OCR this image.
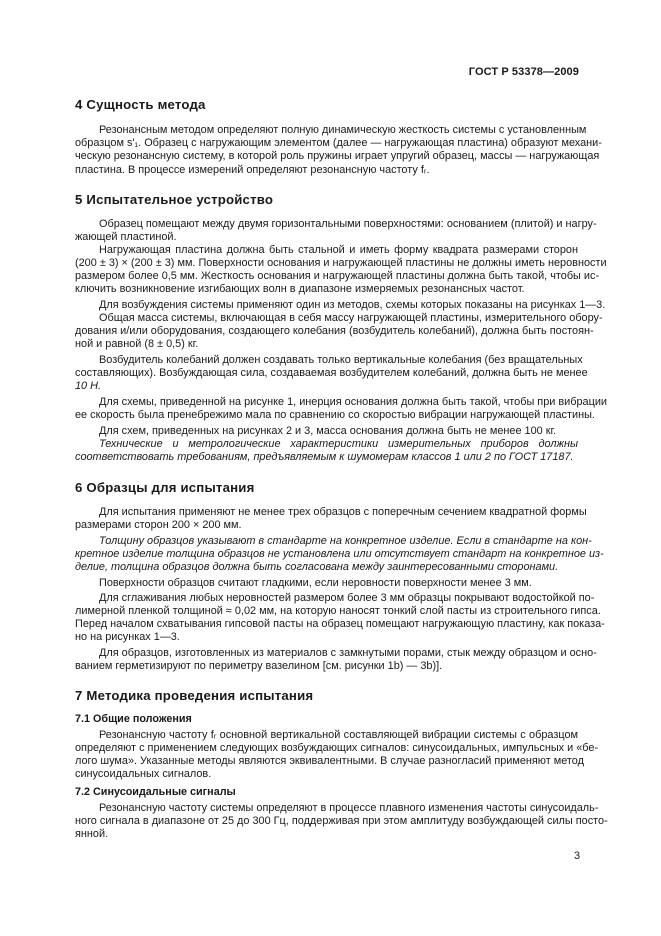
ГОСТ Р 53378—2009
4 Сущность метода
Резонансным методом определяют полную динамическую жесткость системы с установленным
образцом s'₁. Образец с нагружающим элементом (далее — нагружающая пластина) образуют механи-
ческую резонансную систему, в которой роль пружины играет упругий образец, массы — нагружающая
пластина. В процессе измерений определяют резонансную частоту fᵣ.
5 Испытательное устройство
Образец помещают между двумя горизонтальными поверхностями: основанием (плитой) и нагру-
жающей пластиной.
Нагружающая пластина должна быть стальной и иметь форму квадрата размерами сторон
(200 ± 3) × (200 ± 3) мм. Поверхности основания и нагружающей пластины не должны иметь неровности
размером более 0,5 мм. Жесткость основания и нагружающей пластины должна быть такой, чтобы ис-
ключить возникновение изгибающих волн в диапазоне измеряемых резонансных частот.
Для возбуждения системы применяют один из методов, схемы которых показаны на рисунках 1—3.
Общая масса системы, включающая в себя массу нагружающей пластины, измерительного обору-
дования и/или оборудования, создающего колебания (возбудитель колебаний), должна быть постоян-
ной и равной (8 ± 0,5) кг.
Возбудитель колебаний должен создавать только вертикальные колебания (без вращательных
составляющих). Возбуждающая сила, создаваемая возбудителем колебаний, должна быть не менее
10 Н.
Для схемы, приведенной на рисунке 1, инерция основания должна быть такой, чтобы при вибрации
ее скорость была пренебрежимо мала по сравнению со скоростью вибрации нагружающей пластины.
Для схем, приведенных на рисунках 2 и 3, масса основания должна быть не менее 100 кг.
Технические и метрологические характеристики измерительных приборов должны
соответствовать требованиям, предъявляемым к шумомерам классов 1 или 2 по ГОСТ 17187.
6 Образцы для испытания
Для испытания применяют не менее трех образцов с поперечным сечением квадратной формы
размерами сторон 200 × 200 мм.
Толщину образцов указывают в стандарте на конкретное изделие. Если в стандарте на кон-
кретное изделие толщина образцов не установлена или отсутствует стандарт на конкретное из-
делие, толщина образцов должна быть согласована между заинтересованными сторонами.
Поверхности образцов считают гладкими, если неровности поверхности менее 3 мм.
Для сглаживания любых неровностей размером более 3 мм образцы покрывают водостойкой по-
лимерной пленкой толщиной ≈ 0,02 мм, на которую наносят тонкий слой пасты из строительного гипса.
Перед началом схватывания гипсовой пасты на образец помещают нагружающую пластину, как показа-
но на рисунках 1—3.
Для образцов, изготовленных из материалов с замкнутыми порами, стык между образцом и осно-
ванием герметизируют по периметру вазелином [см. рисунки 1b) — 3b)].
7 Методика проведения испытания
7.1 Общие положения
Резонансную частоту fᵣ основной вертикальной составляющей вибрации системы с образцом
определяют с применением следующих возбуждающих сигналов: синусоидальных, импульсных и «бе-
лого шума». Указанные методы являются эквивалентными. В случае разногласий применяют метод
синусоидальных сигналов.
7.2 Синусоидальные сигналы
Резонансную частоту системы определяют в процессе плавного изменения частоты синусоидаль-
ного сигнала в диапазоне от 25 до 300 Гц, поддерживая при этом амплитуду возбуждающей силы посто-
янной.
3
